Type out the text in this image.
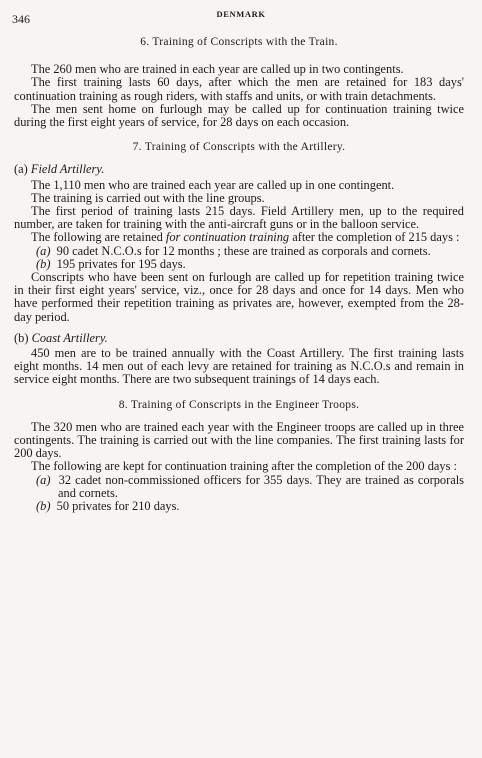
346	DENMARK
6. Training of Conscripts with the Train.

The 260 men who are trained in each year are called up in two contingents.

The first training lasts 60 days, after which the men are retained for 183 days' continuation training as rough riders, with staffs and units, or with train detachments.

The men sent home on furlough may be called up for continuation training twice during the first eight years of service, for 28 days on each occasion.

7. Training of Conscripts with the Artillery.
(a) Field Artillery.

The 1,110 men who are trained each year are called up in one contingent.

The training is carried out with the line groups.

The first period of training lasts 215 days. Field Artillery men, up to the required number, are taken for training with the anti-aircraft guns or in the balloon service.

The following are retained for continuation training after the completion of 215 days :

(a) 90 cadet N.C.O.s for 12 months ; these are trained as corporals and cornets.

(b) 195 privates for 195 days.

Conscripts who have been sent on furlough are called up for repetition training twice in their first eight years' service, viz., once for 28 days and once for 14 days. Men who have performed their repetition training as privates are, however, exempted from the 28-day period.

(b) Coast Artillery.

450 men are to be trained annually with the Coast Artillery. The first training lasts eight months. 14 men out of each levy are retained for training as N.C.O.s and remain in service eight months. There are two subsequent trainings of 14 days each.

8. Training of Conscripts in the Engineer Troops.

The 320 men who are trained each year with the Engineer troops are called up in three contingents. The training is carried out with the line companies. The first training lasts for 200 days.

The following are kept for continuation training after the completion of the 200 days :

(a) 32 cadet non-commissioned officers for 355 days. They are trained as corporals and cornets.

(b) 50 privates for 210 days.
